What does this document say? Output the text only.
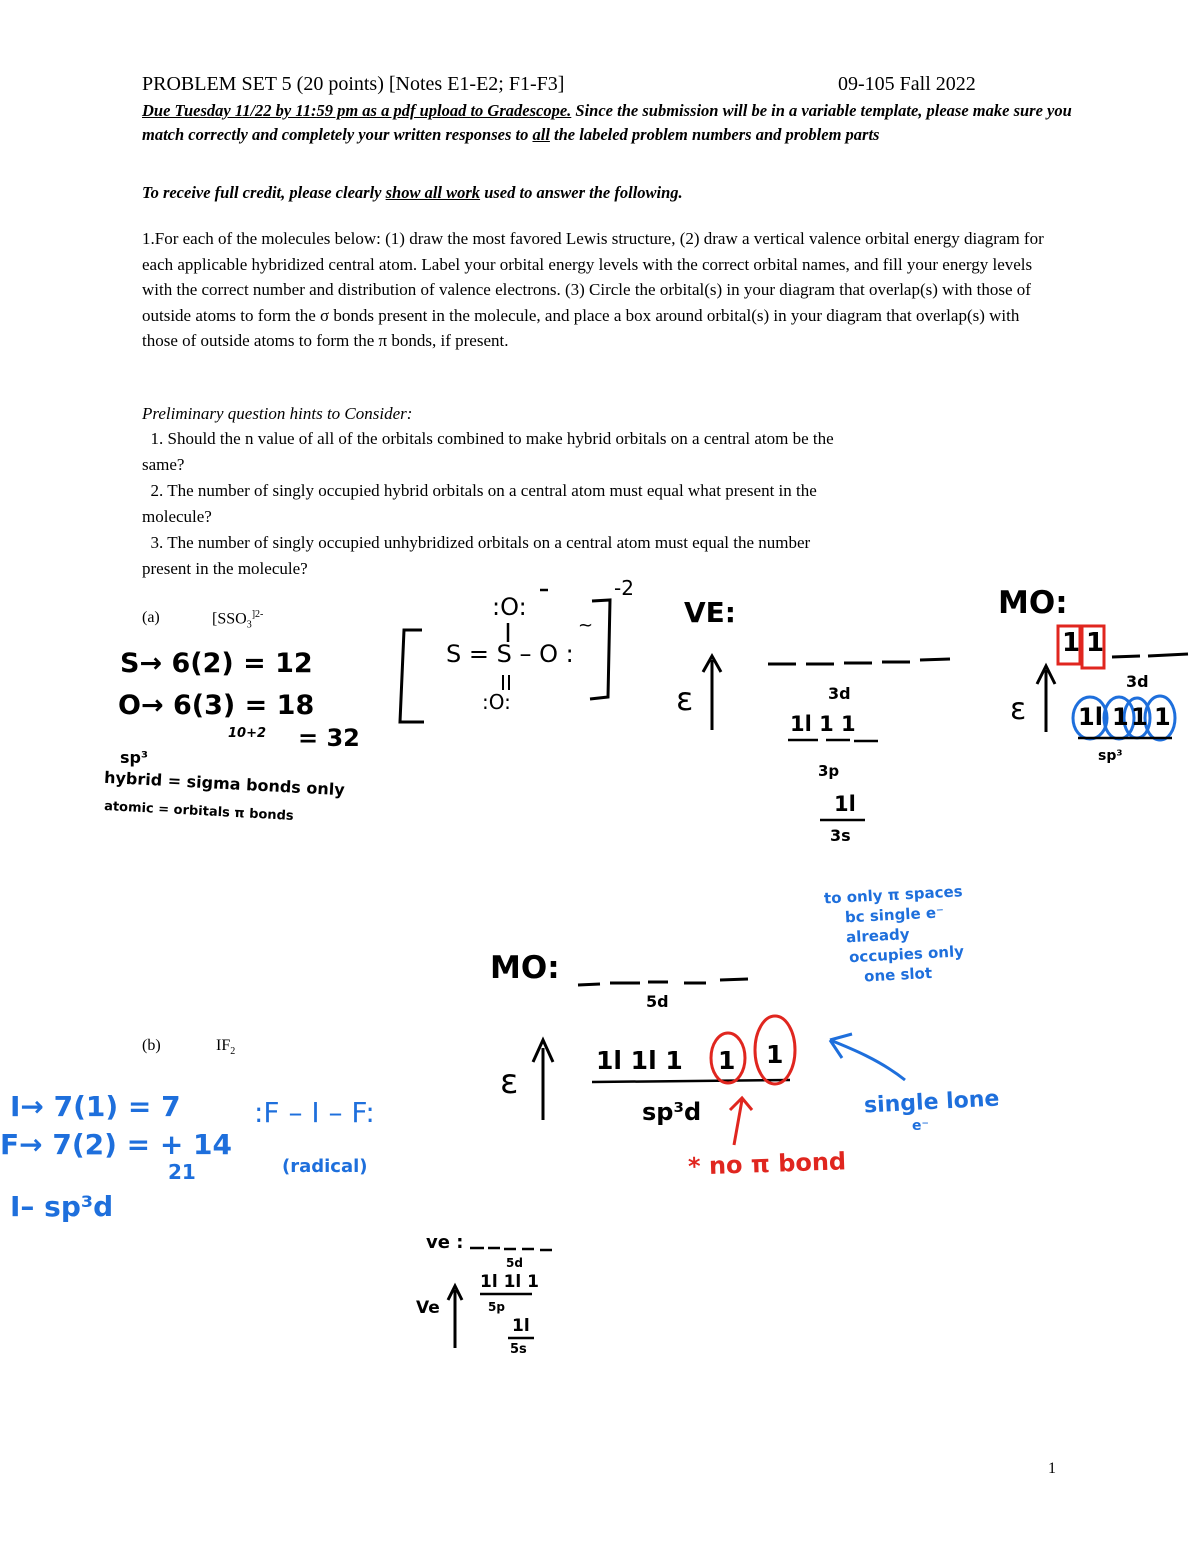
PROBLEM SET 5 (20 points) [Notes E1-E2; F1-F3]	09-105 Fall 2022
Due Tuesday 11/22 by 11:59 pm as a pdf upload to Gradescope. Since the submission will be in a variable template, please make sure you match correctly and completely your written responses to all the labeled problem numbers and problem parts
To receive full credit, please clearly show all work used to answer the following.
1.For each of the molecules below: (1) draw the most favored Lewis structure, (2) draw a vertical valence orbital energy diagram for each applicable hybridized central atom. Label your orbital energy levels with the correct orbital names, and fill your energy levels with the correct number and distribution of valence electrons. (3) Circle the orbital(s) in your diagram that overlap(s) with those of outside atoms to form the σ bonds present in the molecule, and place a box around orbital(s) in your diagram that overlap(s) with those of outside atoms to form the π bonds, if present.
Preliminary question hints to Consider:
1. Should the n value of all of the orbitals combined to make hybrid orbitals on a central atom be the
same?
2. The number of singly occupied hybrid orbitals on a central atom must equal what present in the
molecule?
3. The number of singly occupied unhybridized orbitals on a central atom must equal the number
present in the molecule?
(a)	[$SSO_3^{]2-}$
(b)	$IF_2$
1
S→ 6(2) = 12
O→ 6(3) = 18
10+2 = 32
sp³
hybrid = sigma bonds only
atomic = orbitals π bonds
:O:
S = S – O :
:O:
-2
~	VE:
ε	3d
1l 1 1
3p
1l
3s
MO:
ε
1 1
3d
1l 1 1 1
sp³
to only π spaces
bc single e⁻ already
occupies only
one slot
MO:
5d
ε
1l 1l 1 1 1
sp³d
* no π bond
single lone
e⁻
I→ 7(1) = 7
F→ 7(2) = + 14
21
I– sp³d
:F – I – F:
(radical)
ve :
5d
1l 1l 1
5p
Ve
1l
5s
